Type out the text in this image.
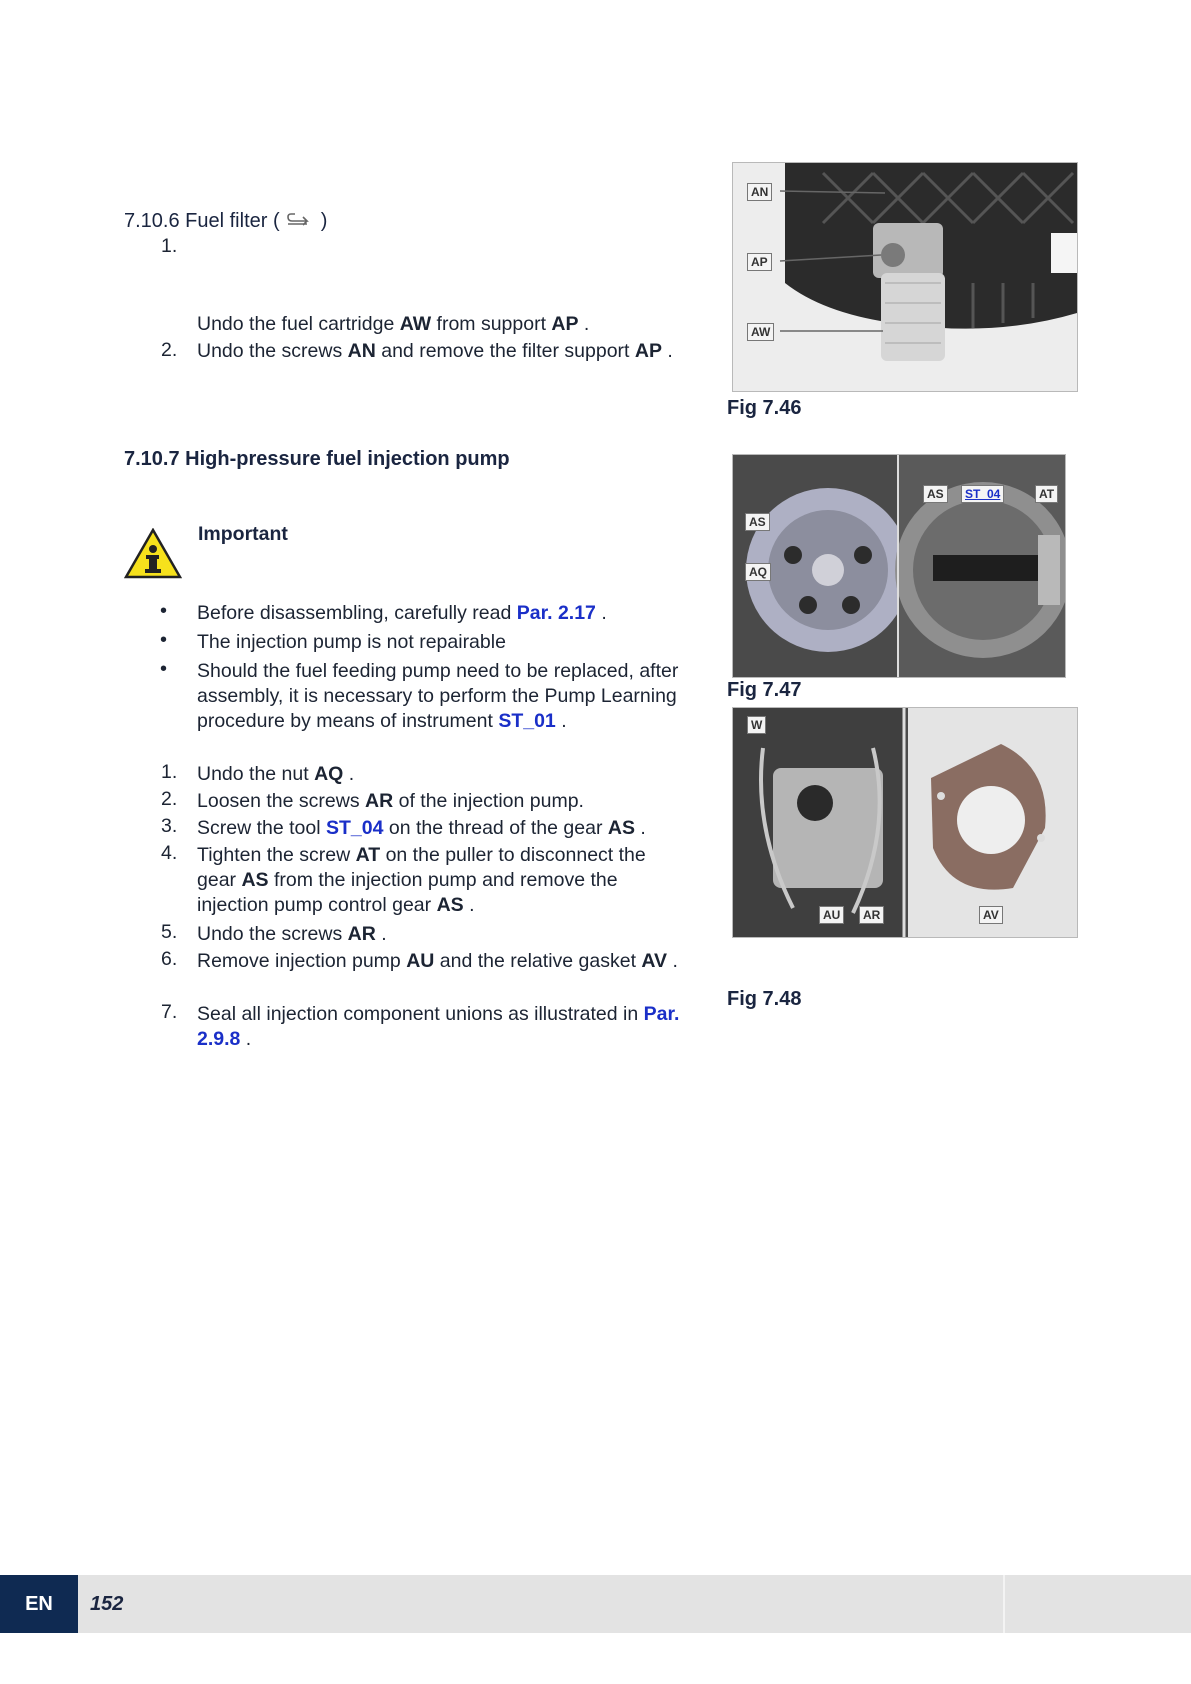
7.10.6 Fuel filter ( )
1.
Undo the fuel cartridge AW from support AP .
2. Undo the screws AN and remove the filter support AP .
7.10.7 High-pressure fuel injection pump
Important
• Before disassembling, carefully read Par. 2.17 .
• The injection pump is not repairable
• Should the fuel feeding pump need to be replaced, after assembly, it is necessary to perform the Pump Learning procedure by means of instrument ST_01 .
1. Undo the nut AQ .
2. Loosen the screws AR of the injection pump.
3. Screw the tool ST_04 on the thread of the gear AS .
4. Tighten the screw AT on the puller to disconnect the gear AS from the injection pump and remove the injection pump control gear AS .
5. Undo the screws AR .
6. Remove injection pump AU and the relative gasket AV .
7. Seal all injection component unions as illustrated in Par. 2.9.8 .
AN
AP
AW
Fig 7.46
AS
AQ
AS	ST_04	AT
Fig 7.47
W
AU	AR	AV
Fig 7.48
EN	152
